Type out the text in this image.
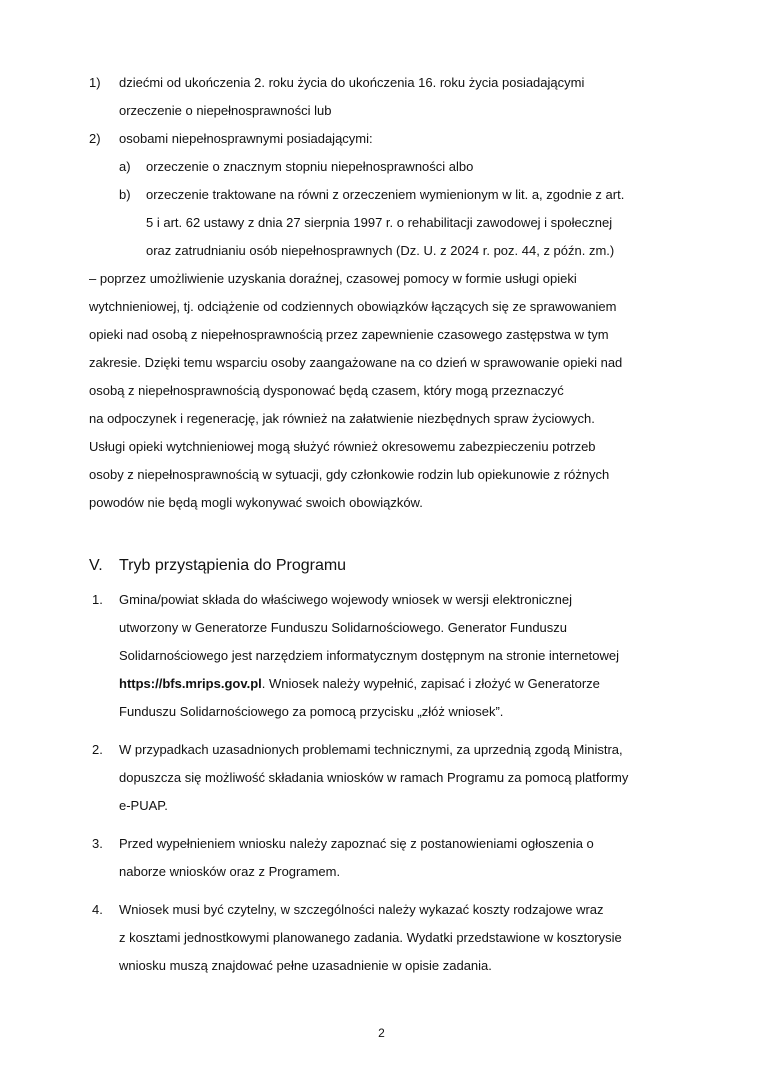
1) dziećmi od ukończenia 2. roku życia do ukończenia 16. roku życia posiadającymi
orzeczenie o niepełnosprawności lub
2) osobami niepełnosprawnymi posiadającymi:
a) orzeczenie o znacznym stopniu niepełnosprawności albo
b) orzeczenie traktowane na równi z orzeczeniem wymienionym w lit. a, zgodnie z art.
5 i art. 62 ustawy z dnia 27 sierpnia 1997 r. o rehabilitacji zawodowej i społecznej
oraz zatrudnianiu osób niepełnosprawnych (Dz. U. z 2024 r. poz. 44, z późn. zm.)
– poprzez umożliwienie uzyskania doraźnej, czasowej pomocy w formie usługi opieki
wytchnieniowej, tj. odciążenie od codziennych obowiązków łączących się ze sprawowaniem
opieki nad osobą z niepełnosprawnością przez zapewnienie czasowego zastępstwa w tym
zakresie. Dzięki temu wsparciu osoby zaangażowane na co dzień w sprawowanie opieki nad
osobą z niepełnosprawnością dysponować będą czasem, który mogą przeznaczyć
na odpoczynek i regenerację, jak również na załatwienie niezbędnych spraw życiowych.
Usługi opieki wytchnieniowej mogą służyć również okresowemu zabezpieczeniu potrzeb
osoby z niepełnosprawnością w sytuacji, gdy członkowie rodzin lub opiekunowie z różnych
powodów nie będą mogli wykonywać swoich obowiązków.
V. Tryb przystąpienia do Programu
1. Gmina/powiat składa do właściwego wojewody wniosek w wersji elektronicznej
utworzony w Generatorze Funduszu Solidarnościowego. Generator Funduszu
Solidarnościowego jest narzędziem informatycznym dostępnym na stronie internetowej
https://bfs.mrips.gov.pl. Wniosek należy wypełnić, zapisać i złożyć w Generatorze
Funduszu Solidarnościowego za pomocą przycisku „złóż wniosek”.
2. W przypadkach uzasadnionych problemami technicznymi, za uprzednią zgodą Ministra,
dopuszcza się możliwość składania wniosków w ramach Programu za pomocą platformy
e-PUAP.
3. Przed wypełnieniem wniosku należy zapoznać się z postanowieniami ogłoszenia o
naborze wniosków oraz z Programem.
4. Wniosek musi być czytelny, w szczególności należy wykazać koszty rodzajowe wraz
z kosztami jednostkowymi planowanego zadania. Wydatki przedstawione w kosztorysie
wniosku muszą znajdować pełne uzasadnienie w opisie zadania.
2
